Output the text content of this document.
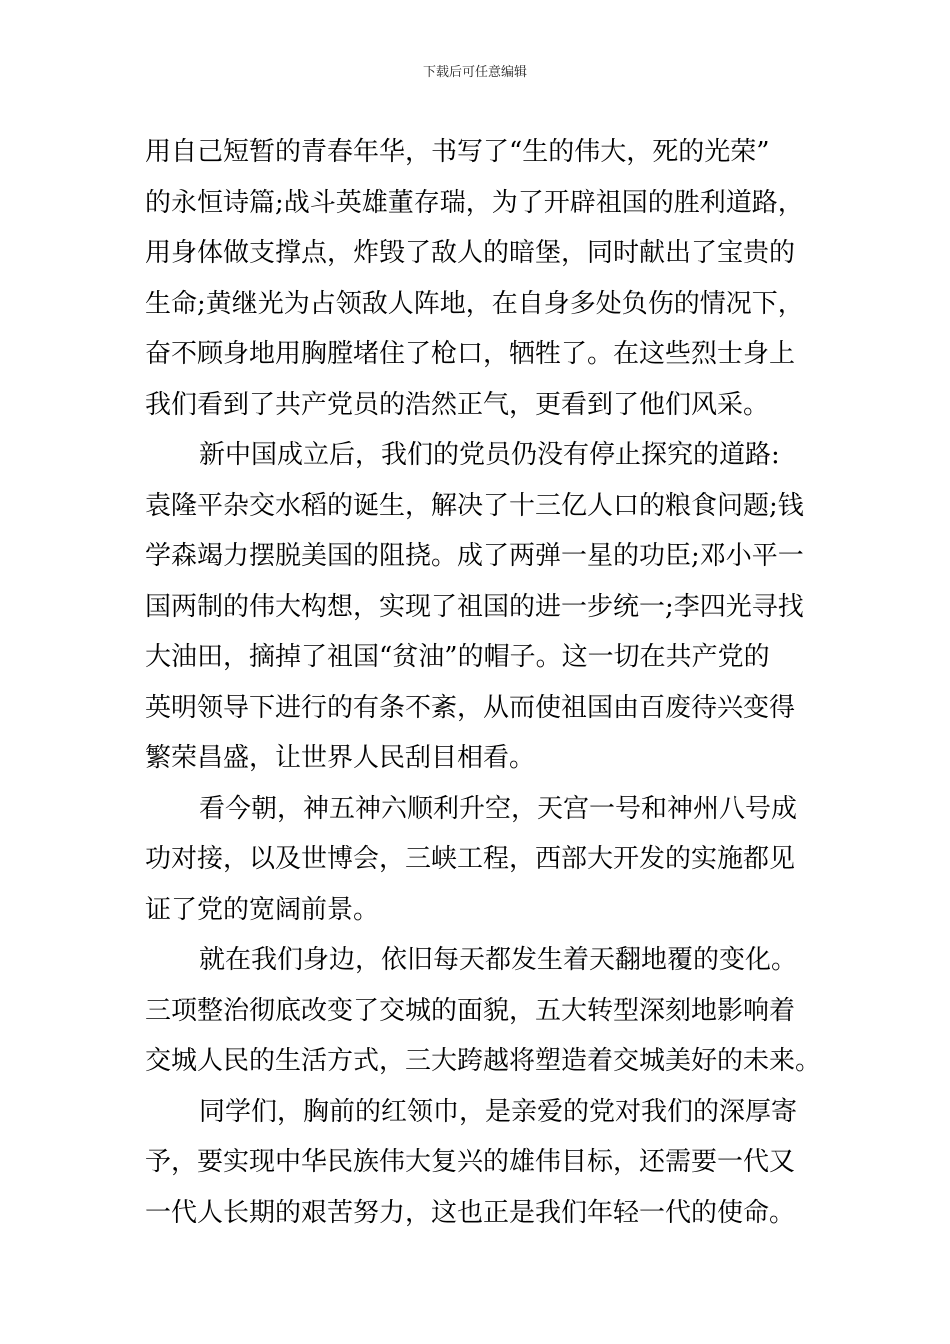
下载后可任意编辑
用自己短暂的青春年华，书写了“生的伟大，死的光荣”
的永恒诗篇;战斗英雄董存瑞，为了开辟祖国的胜利道路，
用身体做支撑点，炸毁了敌人的暗堡，同时献出了宝贵的
生命;黄继光为占领敌人阵地，在自身多处负伤的情况下，
奋不顾身地用胸膛堵住了枪口，牺牲了。在这些烈士身上
我们看到了共产党员的浩然正气，更看到了他们风采。
新中国成立后，我们的党员仍没有停止探究的道路:
袁隆平杂交水稻的诞生，解决了十三亿人口的粮食问题;钱
学森竭力摆脱美国的阻挠。成了两弹一星的功臣;邓小平一
国两制的伟大构想，实现了祖国的进一步统一;李四光寻找
大油田，摘掉了祖国“贫油”的帽子。这一切在共产党的
英明领导下进行的有条不紊，从而使祖国由百废待兴变得
繁荣昌盛，让世界人民刮目相看。
看今朝，神五神六顺利升空，天宫一号和神州八号成
功对接，以及世博会，三峡工程，西部大开发的实施都见
证了党的宽阔前景。
就在我们身边，依旧每天都发生着天翻地覆的变化。
三项整治彻底改变了交城的面貌，五大转型深刻地影响着
交城人民的生活方式，三大跨越将塑造着交城美好的未来。
同学们，胸前的红领巾，是亲爱的党对我们的深厚寄
予，要实现中华民族伟大复兴的雄伟目标，还需要一代又
一代人长期的艰苦努力，这也正是我们年轻一代的使命。
